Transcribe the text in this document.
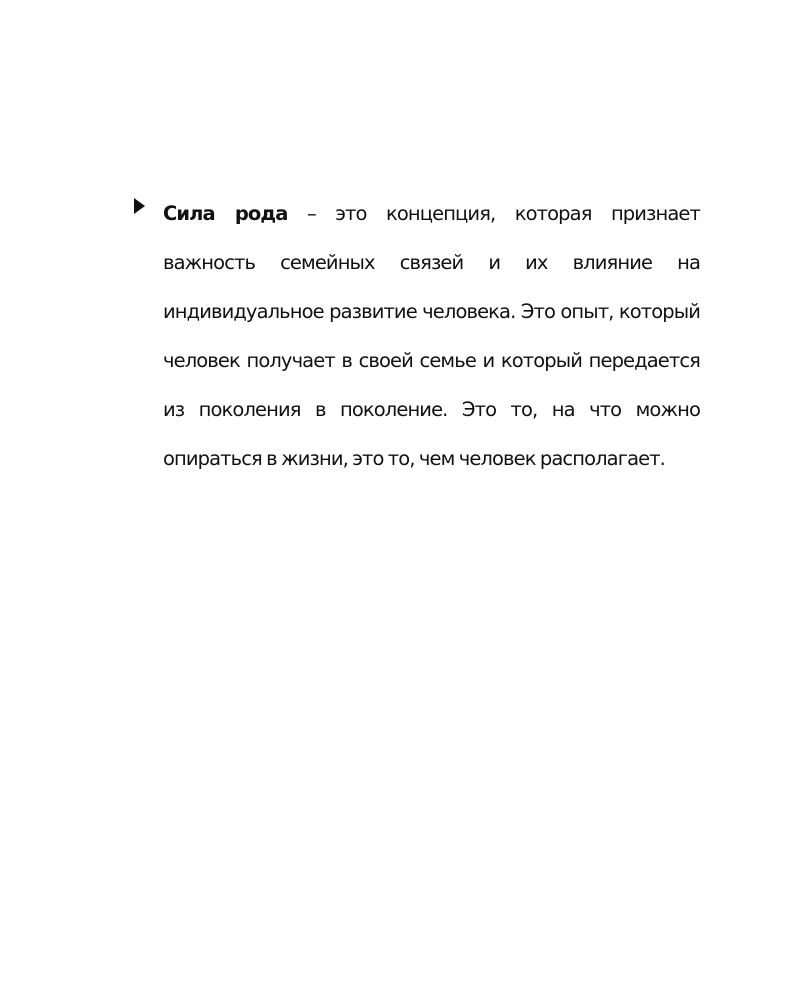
Сила рода – это концепция, которая признает важность семейных связей и их влияние на индивидуальное развитие человека. Это опыт, который человек получает в своей семье и который передается из поколения в поколение. Это то, на что можно опираться в жизни, это то, чем человек располагает.
